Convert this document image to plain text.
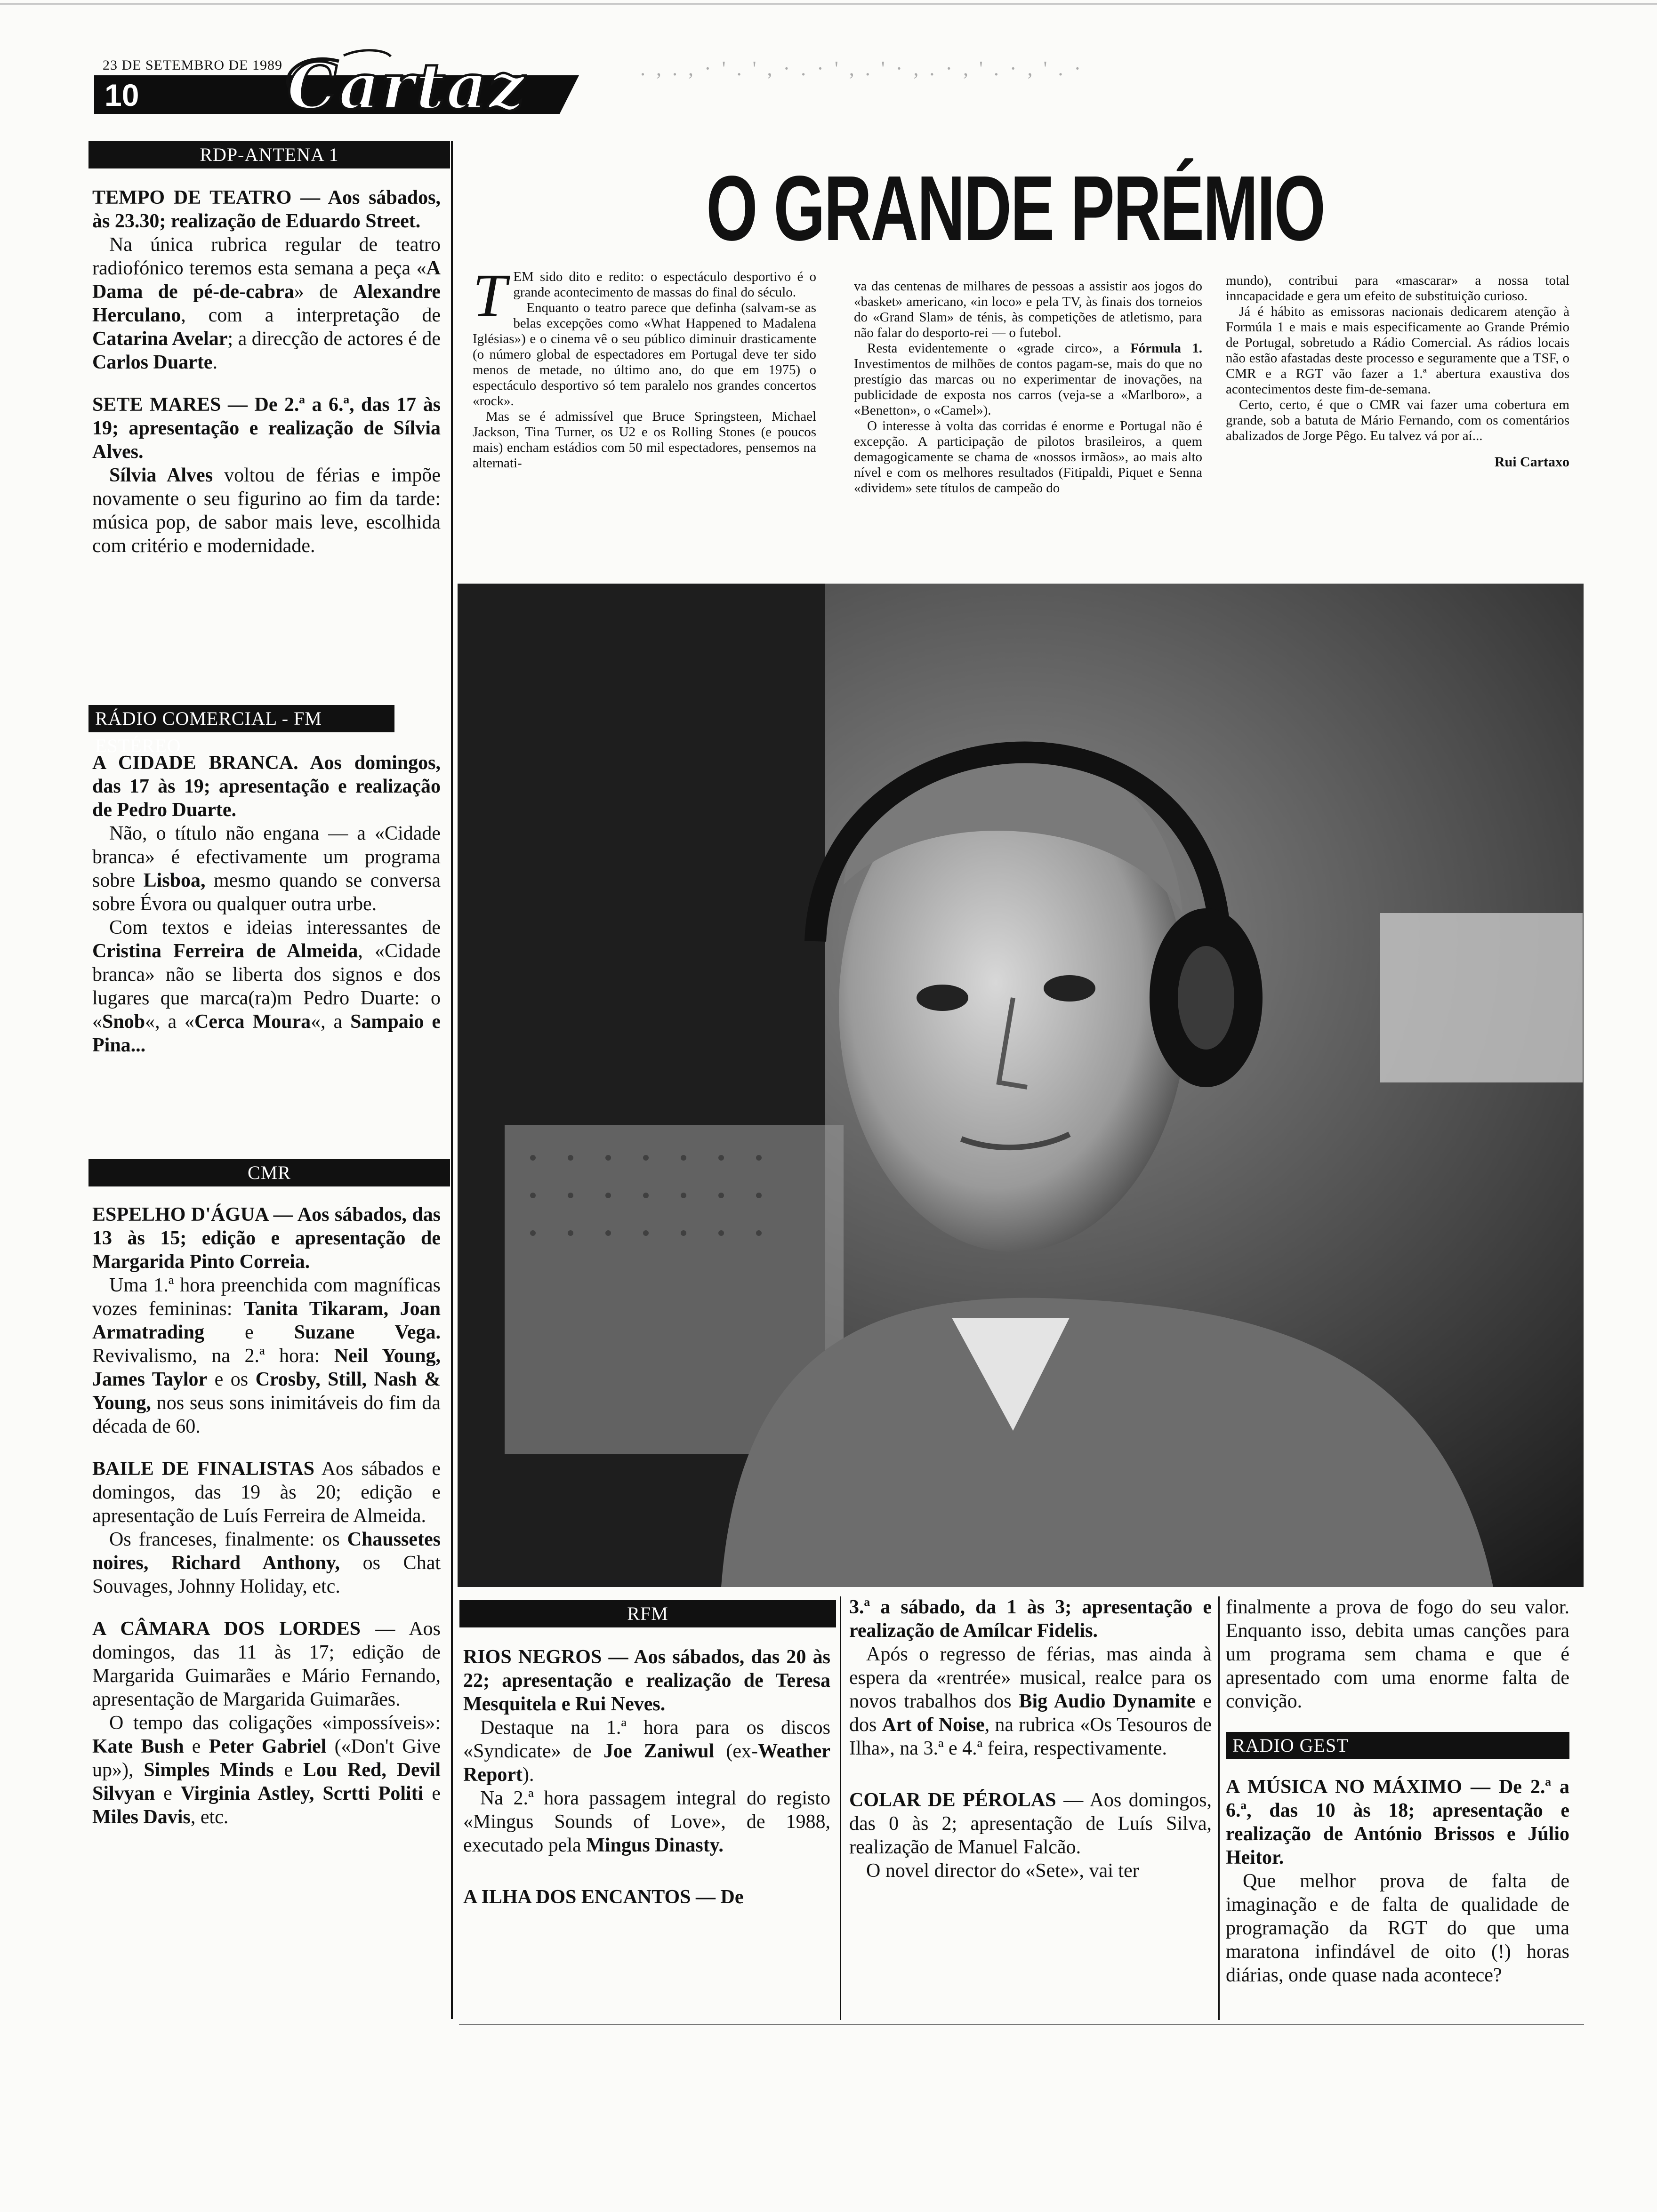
23 DE SETEMBRO DE 1989
10 Cartaz	. , . , · ' . ' , · . · ' , . ' · , . · , ' . · , ' . ·
RDP-ANTENA 1

TEMPO DE TEATRO — Aos sábados, às 23.30; realização de Eduardo Street.

Na única rubrica regular de teatro radiofónico teremos esta semana a peça «A Dama de pé-de-cabra» de Alexandre Herculano, com a interpretação de Catarina Avelar; a direcção de actores é de Carlos Duarte.

SETE MARES — De 2.ª a 6.ª, das 17 às 19; apresentação e realização de Sílvia Alves.

Sílvia Alves voltou de férias e impõe novamente o seu figurino ao fim da tarde: música pop, de sabor mais leve, escolhida com critério e modernidade.

RÁDIO COMERCIAL - FM ESTÉREO

A CIDADE BRANCA. Aos domingos, das 17 às 19; apresentação e realização de Pedro Duarte.

Não, o título não engana — a «Cidade branca» é efectivamente um programa sobre Lisboa, mesmo quando se conversa sobre Évora ou qualquer outra urbe.

Com textos e ideias interessantes de Cristina Ferreira de Almeida, «Cidade branca» não se liberta dos signos e dos lugares que marca(ra)m Pedro Duarte: o «Snob«, a «Cerca Moura«, a Sampaio e Pina...

CMR

ESPELHO D'ÁGUA — Aos sábados, das 13 às 15; edição e apresentação de Margarida Pinto Correia.

Uma 1.ª hora preenchida com magníficas vozes femininas: Tanita Tikaram, Joan Armatrading e Suzane Vega. Revivalismo, na 2.ª hora: Neil Young, James Taylor e os Crosby, Still, Nash & Young, nos seus sons inimitáveis do fim da década de 60.

BAILE DE FINALISTAS Aos sábados e domingos, das 19 às 20; edição e apresentação de Luís Ferreira de Almeida.

Os franceses, finalmente: os Chaussetes noires, Richard Anthony, os Chat Souvages, Johnny Holiday, etc.

A CÂMARA DOS LORDES — Aos domingos, das 11 às 17; edição de Margarida Guimarães e Mário Fernando, apresentação de Margarida Guimarães.

O tempo das coligações «impossíveis»: Kate Bush e Peter Gabriel («Don't Give up»), Simples Minds e Lou Red, Devil Silvyan e Virginia Astley, Scrtti Politi e Miles Davis, etc.

O GRANDE PRÉMIO
T EM sido dito e redito: o espectáculo desportivo é o grande acontecimento de massas do final do século.

Enquanto o teatro parece que definha (salvam-se as belas excepções como «What Happened to Madalena Iglésias») e o cinema vê o seu público diminuir drasticamente (o número global de espectadores em Portugal deve ter sido menos de metade, no último ano, do que em 1975) o espectáculo desportivo só tem paralelo nos grandes concertos «rock».

Mas se é admissível que Bruce Springsteen, Michael Jackson, Tina Turner, os U2 e os Rolling Stones (e poucos mais) encham estádios com 50 mil espectadores, pensemos na alternati-

va das centenas de milhares de pessoas a assistir aos jogos do «basket» americano, «in loco» e pela TV, às finais dos torneios do «Grand Slam» de ténis, às competições de atletismo, para não falar do desporto-rei — o futebol.

Resta evidentemente o «grade circo», a Fórmula 1. Investimentos de milhões de contos pagam-se, mais do que no prestígio das marcas ou no experimentar de inovações, na publicidade de exposta nos carros (veja-se a «Marlboro», a «Benetton», o «Camel»).

O interesse à volta das corridas é enorme e Portugal não é excepção. A participação de pilotos brasileiros, a quem demagogicamente se chama de «nossos irmãos», ao mais alto nível e com os melhores resultados (Fitipaldi, Piquet e Senna «dividem» sete títulos de campeão do

mundo), contribui para «mascarar» a nossa total inncapacidade e gera um efeito de substituição curioso.

Já é hábito as emissoras nacionais dedicarem atenção à Formúla 1 e mais e mais especificamente ao Grande Prémio de Portugal, sobretudo a Rádio Comercial. As rádios locais não estão afastadas deste processo e seguramente que a TSF, o CMR e a RGT vão fazer a 1.ª abertura exaustiva dos acontecimentos deste fim-de-semana.

Certo, certo, é que o CMR vai fazer uma cobertura em grande, sob a batuta de Mário Fernando, com os comentários abalizados de Jorge Pêgo. Eu talvez vá por aí...

Rui Cartaxo

RFM

RIOS NEGROS — Aos sábados, das 20 às 22; apresentação e realização de Teresa Mesquitela e Rui Neves.

Destaque na 1.ª hora para os discos «Syndicate» de Joe Zaniwul (ex-Weather Report).

Na 2.ª hora passagem integral do registo «Mingus Sounds of Love», de 1988, executado pela Mingus Dinasty.

A ILHA DOS ENCANTOS — De

3.ª a sábado, da 1 às 3; apresentação e realização de Amílcar Fidelis.

Após o regresso de férias, mas ainda à espera da «rentrée» musical, realce para os novos trabalhos dos Big Audio Dynamite e dos Art of Noise, na rubrica «Os Tesouros de Ilha», na 3.ª e 4.ª feira, respectivamente.

COLAR DE PÉROLAS — Aos domingos, das 0 às 2; apresentação de Luís Silva, realização de Manuel Falcão.

O novel director do «Sete», vai ter

finalmente a prova de fogo do seu valor. Enquanto isso, debita umas canções para um programa sem chama e que é apresentado com uma enorme falta de convição.

RADIO GEST

A MÚSICA NO MÁXIMO — De 2.ª a 6.ª, das 10 às 18; apresentação e realização de António Brissos e Júlio Heitor.

Que melhor prova de falta de imaginação e de falta de qualidade de programação da RGT do que uma maratona infindável de oito (!) horas diárias, onde quase nada acontece?
